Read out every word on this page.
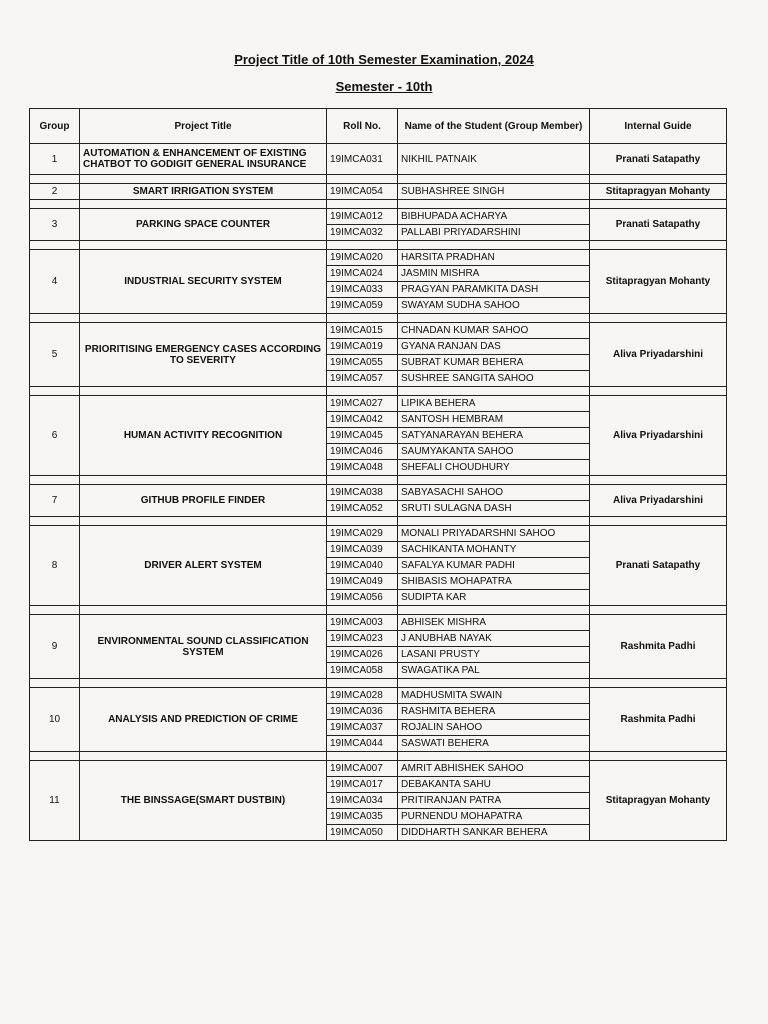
Project Title of 10th Semester Examination, 2024
Semester - 10th
Group	Project Title	Roll No.	Name of the Student (Group Member)	Internal Guide
1	AUTOMATION & ENHANCEMENT OF EXISTING CHATBOT TO GODIGIT GENERAL INSURANCE	19IMCA031	NIKHIL PATNAIK	Pranati Satapathy

2	SMART IRRIGATION SYSTEM	19IMCA054	SUBHASHREE SINGH	Stitapragyan Mohanty

3	PARKING SPACE COUNTER	19IMCA012	BIBHUPADA ACHARYA	Pranati Satapathy
		19IMCA032	PALLABI PRIYADARSHINI	

4	INDUSTRIAL SECURITY SYSTEM	19IMCA020	HARSITA PRADHAN	Stitapragyan Mohanty
		19IMCA024	JASMIN MISHRA	
		19IMCA033	PRAGYAN PARAMKITA DASH	
		19IMCA059	SWAYAM SUDHA SAHOO	

5	PRIORITISING EMERGENCY CASES ACCORDING TO SEVERITY	19IMCA015	CHNADAN KUMAR SAHOO	Aliva Priyadarshini
		19IMCA019	GYANA RANJAN DAS	
		19IMCA055	SUBRAT KUMAR BEHERA	
		19IMCA057	SUSHREE SANGITA SAHOO	

6	HUMAN ACTIVITY RECOGNITION	19IMCA027	LIPIKA BEHERA	Aliva Priyadarshini
		19IMCA042	SANTOSH HEMBRAM	
		19IMCA045	SATYANARAYAN BEHERA	
		19IMCA046	SAUMYAKANTA SAHOO	
		19IMCA048	SHEFALI CHOUDHURY	

7	GITHUB PROFILE FINDER	19IMCA038	SABYASACHI SAHOO	Aliva Priyadarshini
		19IMCA052	SRUTI SULAGNA DASH	

8	DRIVER ALERT SYSTEM	19IMCA029	MONALI PRIYADARSHNI SAHOO	Pranati Satapathy
		19IMCA039	SACHIKANTA MOHANTY	
		19IMCA040	SAFALYA KUMAR PADHI	
		19IMCA049	SHIBASIS MOHAPATRA	
		19IMCA056	SUDIPTA KAR	

9	ENVIRONMENTAL SOUND CLASSIFICATION SYSTEM	19IMCA003	ABHISEK MISHRA	Rashmita Padhi
		19IMCA023	J ANUBHAB NAYAK	
		19IMCA026	LASANI PRUSTY	
		19IMCA058	SWAGATIKA PAL	

10	ANALYSIS AND PREDICTION OF CRIME	19IMCA028	MADHUSMITA SWAIN	Rashmita Padhi
		19IMCA036	RASHMITA BEHERA	
		19IMCA037	ROJALIN SAHOO	
		19IMCA044	SASWATI BEHERA	

11	THE BINSSAGE(SMART DUSTBIN)	19IMCA007	AMRIT ABHISHEK SAHOO	Stitapragyan Mohanty
		19IMCA017	DEBAKANTA SAHU	
		19IMCA034	PRITIRANJAN PATRA	
		19IMCA035	PURNENDU MOHAPATRA	
		19IMCA050	DIDDHARTH SANKAR BEHERA	
